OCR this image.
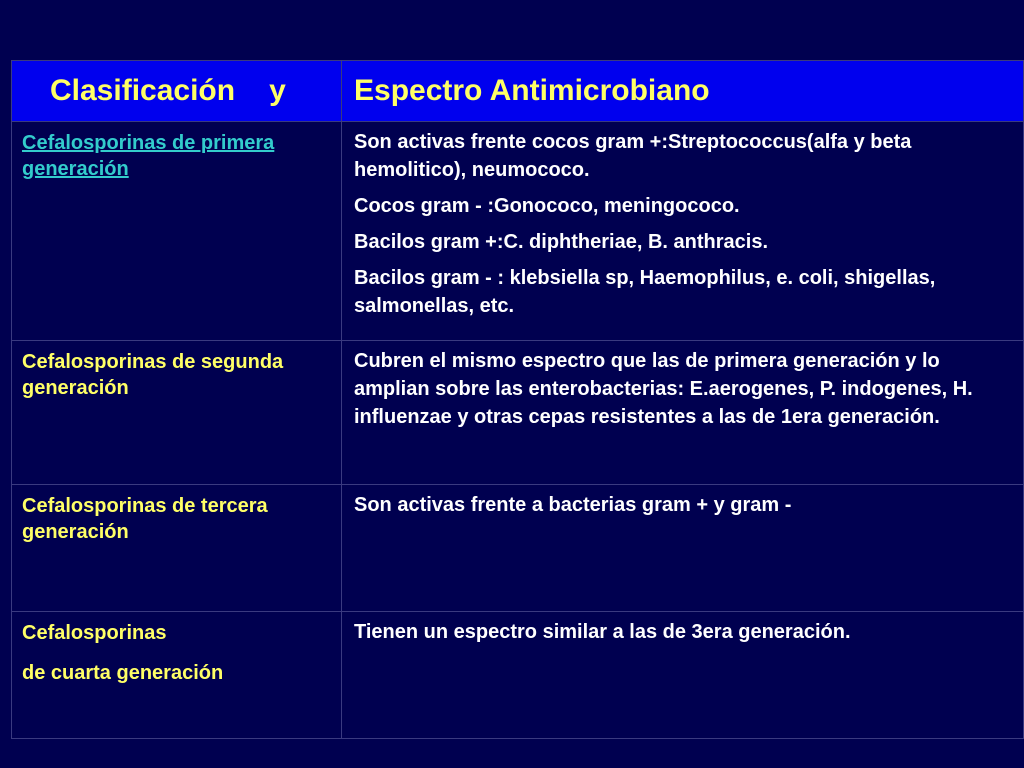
Clasificación y	Espectro Antimicrobiano

Cefalosporinas de primera generación	Son activas frente cocos gram +:Streptococcus(alfa y beta hemolitico), neumococo.

Cocos gram - :Gonococo, meningococo.

Bacilos gram +:C. diphtheriae, B. anthracis.

Bacilos gram - : klebsiella sp, Haemophilus, e. coli, shigellas, salmonellas, etc.

Cefalosporinas de segunda generación	Cubren el mismo espectro que las de primera generación y lo amplian sobre las enterobacterias: E.aerogenes, P. indogenes, H. influenzae y otras cepas resistentes a las de 1era generación.

Cefalosporinas de tercera generación	Son activas frente a bacterias gram + y gram -

Cefalosporinas
de cuarta generación	Tienen un espectro similar a las de 3era generación.
